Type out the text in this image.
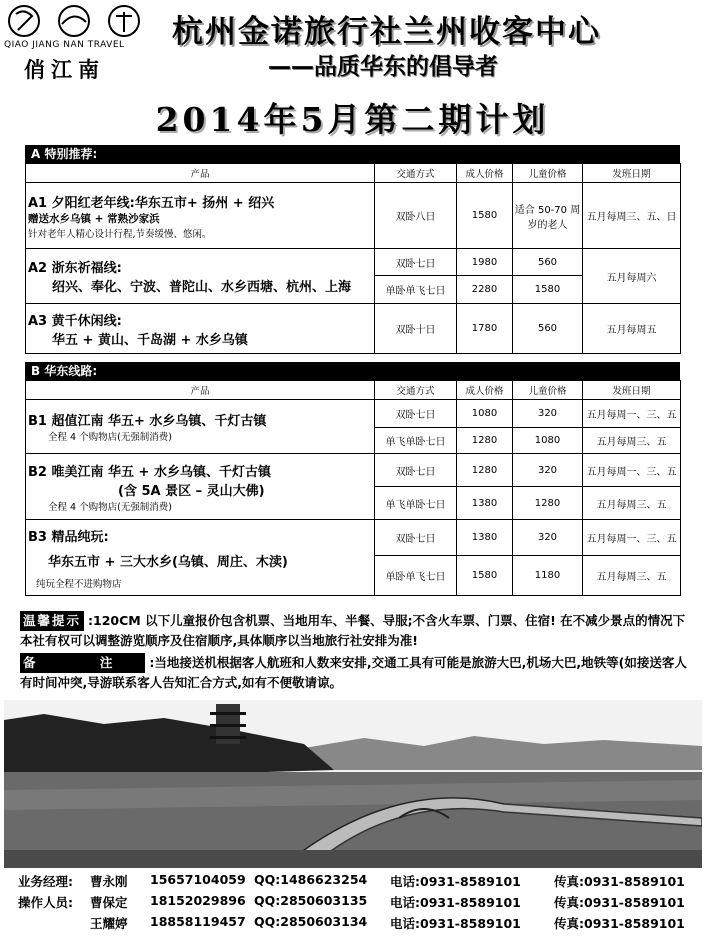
QIAO JIANG NAN TRAVEL
俏江南
杭州金诺旅行社兰州收客中心
——品质华东的倡导者
2014年5月第二期计划
A 特别推荐:
产品	交通方式	成人价格	儿童价格	发班日期

A1 夕阳红老年线:华东五市+ 扬州 + 绍兴
赠送水乡乌镇 + 常熟沙家浜
针对老年人精心设计行程,节奏缓慢、悠闲。	双卧八日	1580	适合 50-70 周岁的老人	五月每周三、五、日

A2 浙东祈福线:
绍兴、奉化、宁波、普陀山、水乡西塘、杭州、上海	双卧七日	1980	560	五月每周六
	单卧单飞七日	2280	1580	

A3 黄千休闲线:
华五 + 黄山、千岛湖 + 水乡乌镇	双卧十日	1780	560	五月每周五
B 华东线路:
产品	交通方式	成人价格	儿童价格	发班日期

B1 超值江南 华五+ 水乡乌镇、千灯古镇
全程 4 个购物店(无强制消费)	双卧七日	1080	320	五月每周一、三、五
	单飞单卧七日	1280	1080	五月每周三、五

B2 唯美江南 华五 + 水乡乌镇、千灯古镇
(含 5A 景区 – 灵山大佛)
全程 4 个购物店(无强制消费)	双卧七日	1280	320	五月每周一、三、五
	单飞单卧七日	1380	1280	五月每周三、五

B3 精品纯玩:
华东五市 + 三大水乡(乌镇、周庄、木渎)
纯玩全程不进购物店	双卧七日	1380	320	五月每周一、三、五
	单卧单飞七日	1580	1180	五月每周三、五
温馨提示 :120CM 以下儿童报价包含机票、当地用车、半餐、导服;不含火车票、门票、住宿! 在不减少景点的情况下本社有权可以调整游览顺序及住宿顺序,具体顺序以当地旅行社安排为准!
备 注 :当地接送机根据客人航班和人数来安排,交通工具有可能是旅游大巴,机场大巴,地铁等(如接送客人有时间冲突,导游联系客人告知汇合方式,如有不便敬请谅。
业务经理: 曹永刚 15657104059 QQ:1486623254 电话:0931-8589101	传真:0931-8589101
操作人员: 曹保定 18152029896 QQ:2850603135 电话:0931-8589101	传真:0931-8589101
王耀婷 18858119457 QQ:2850603134 电话:0931-8589101	传真:0931-8589101
